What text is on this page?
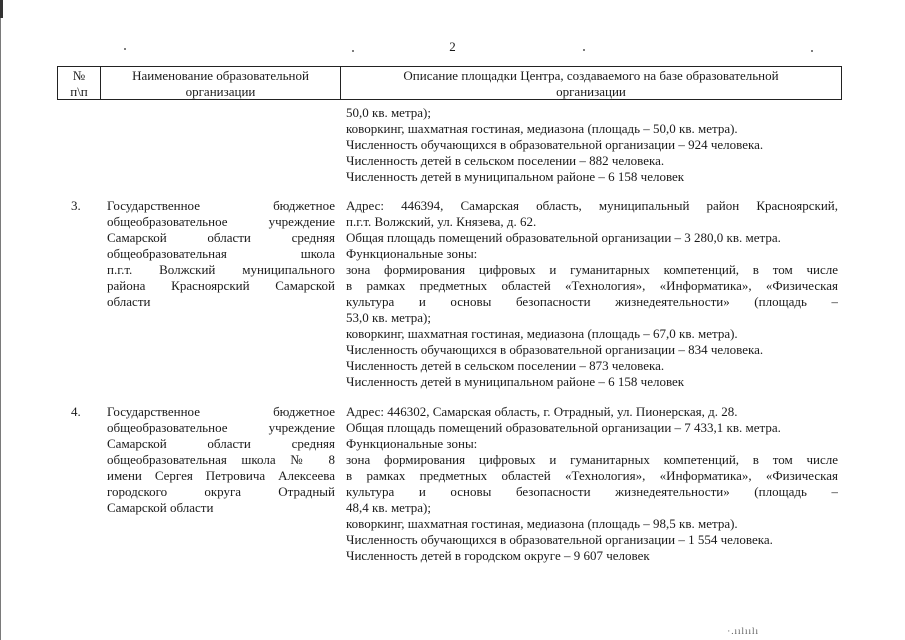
2
№
п\п
Наименование образовательной
организации
Описание площадки Центра, создаваемого на базе образовательной
организации
50,0 кв. метра);
коворкинг, шахматная гостиная, медиазона (площадь – 50,0 кв. метра).
Численность обучающихся в образовательной организации – 924 человека.
Численность детей в сельском поселении – 882 человека.
Численность детей в муниципальном районе – 6 158 человек
3.	Государственное бюджетное
общеобразовательное учреждение
Самарской области средняя
общеобразовательная школа
п.г.т. Волжский муниципального
района Красноярский Самарской
области
Адрес: 446394, Самарская область, муниципальный район Красноярский,
п.г.т. Волжский, ул. Князева, д. 62.
Общая площадь помещений образовательной организации – 3 280,0 кв. метра.
Функциональные зоны:
зона формирования цифровых и гуманитарных компетенций, в том числе
в рамках предметных областей «Технология», «Информатика», «Физическая
культура и основы безопасности жизнедеятельности» (площадь –
53,0 кв. метра);
коворкинг, шахматная гостиная, медиазона (площадь – 67,0 кв. метра).
Численность обучающихся в образовательной организации – 834 человека.
Численность детей в сельском поселении – 873 человека.
Численность детей в муниципальном районе – 6 158 человек
4.	Государственное бюджетное
общеобразовательное учреждение
Самарской области средняя
общеобразовательная школа № 8
имени Сергея Петровича Алексеева
городского округа Отрадный
Самарской области
Адрес: 446302, Самарская область, г. Отрадный, ул. Пионерская, д. 28.
Общая площадь помещений образовательной организации – 7 433,1 кв. метра.
Функциональные зоны:
зона формирования цифровых и гуманитарных компетенций, в том числе
в рамках предметных областей «Технология», «Информатика», «Физическая
культура и основы безопасности жизнедеятельности» (площадь –
48,4 кв. метра);
коворкинг, шахматная гостиная, медиазона (площадь – 98,5 кв. метра).
Численность обучающихся в образовательной организации – 1 554 человека.
Численность детей в городском округе – 9 607 человек
·.ıılıılı
